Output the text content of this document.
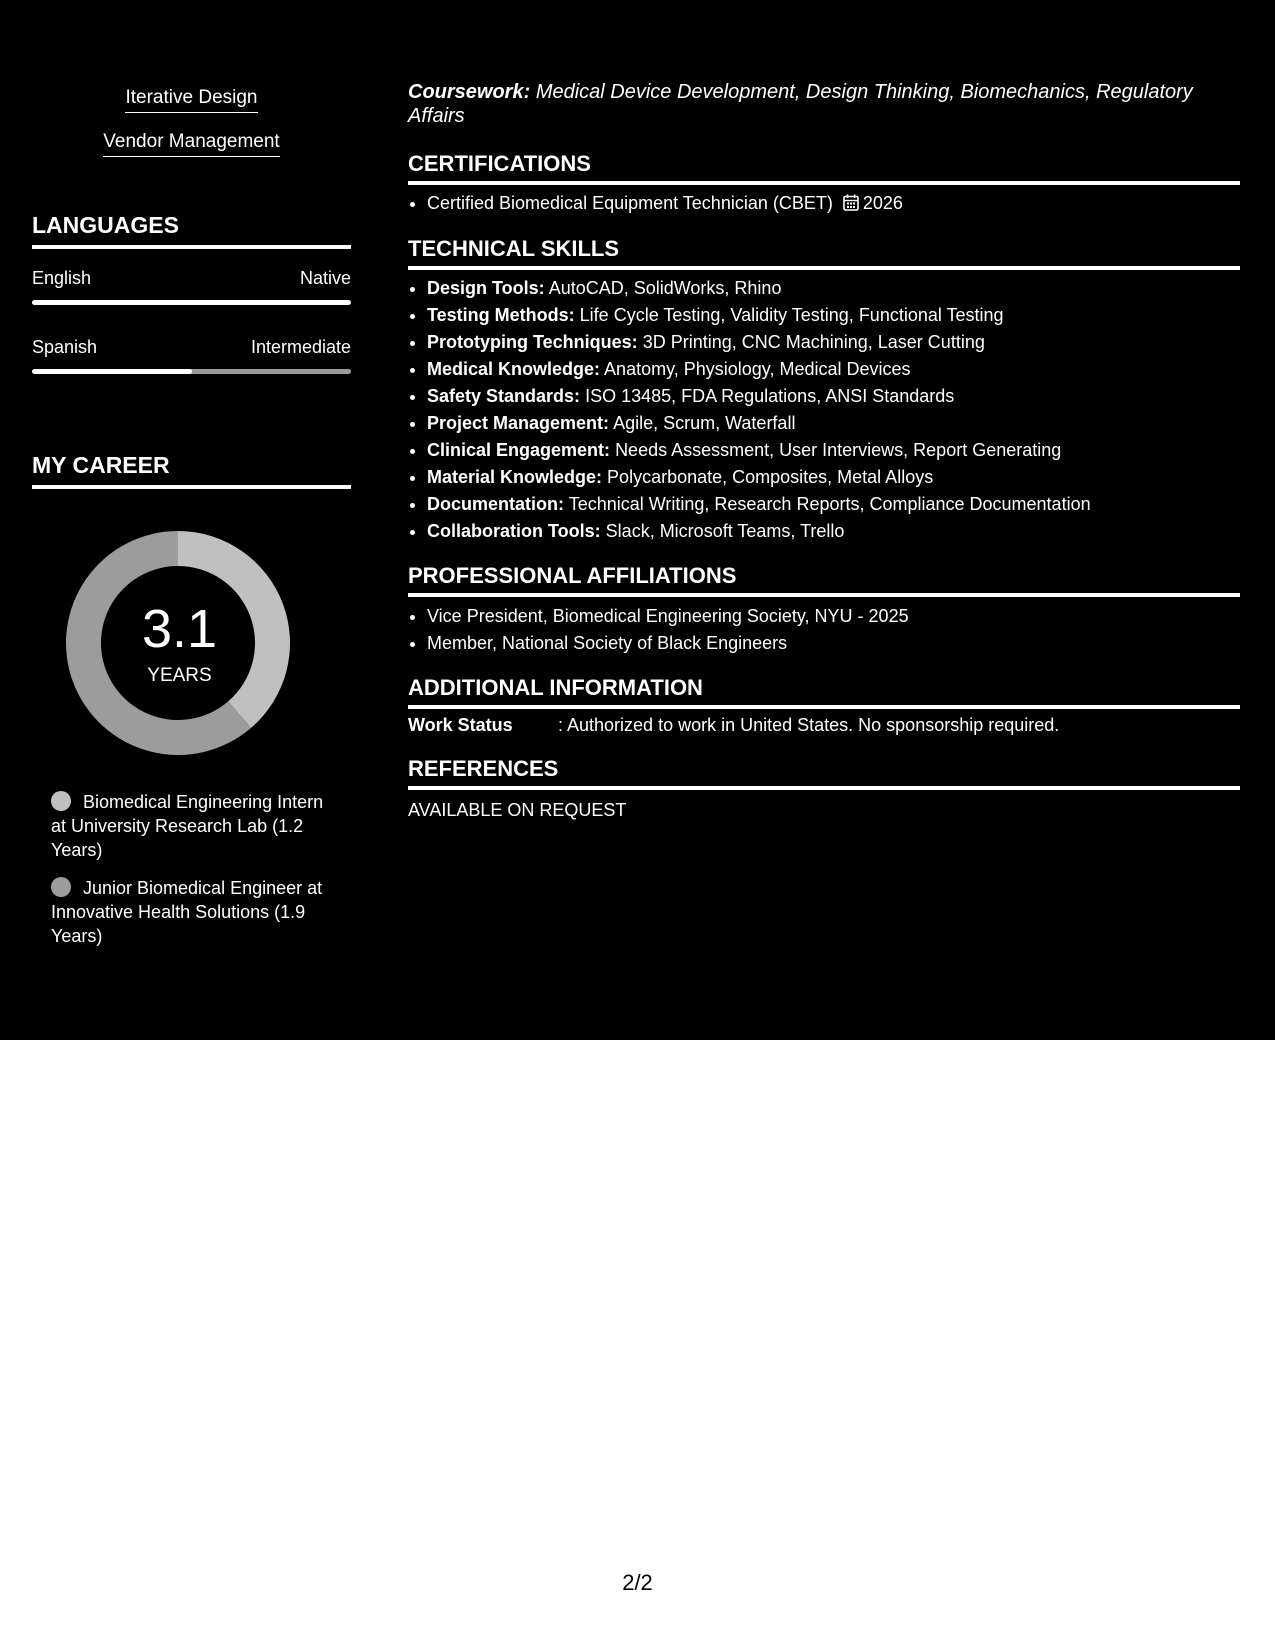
Iterative Design
Vendor Management
LANGUAGES
English	Native
Spanish	Intermediate
MY CAREER
3.1
YEARS
Biomedical Engineering Intern at University Research Lab (1.2 Years)
Junior Biomedical Engineer at Innovative Health Solutions (1.9 Years)
Coursework: Medical Device Development, Design Thinking, Biomechanics, Regulatory Affairs
CERTIFICATIONS
• Certified Biomedical Equipment Technician (CBET) 2026
TECHNICAL SKILLS
• Design Tools: AutoCAD, SolidWorks, Rhino
• Testing Methods: Life Cycle Testing, Validity Testing, Functional Testing
• Prototyping Techniques: 3D Printing, CNC Machining, Laser Cutting
• Medical Knowledge: Anatomy, Physiology, Medical Devices
• Safety Standards: ISO 13485, FDA Regulations, ANSI Standards
• Project Management: Agile, Scrum, Waterfall
• Clinical Engagement: Needs Assessment, User Interviews, Report Generating
• Material Knowledge: Polycarbonate, Composites, Metal Alloys
• Documentation: Technical Writing, Research Reports, Compliance Documentation
• Collaboration Tools: Slack, Microsoft Teams, Trello
PROFESSIONAL AFFILIATIONS
• Vice President, Biomedical Engineering Society, NYU - 2025
• Member, National Society of Black Engineers
ADDITIONAL INFORMATION
Work Status	: Authorized to work in United States. No sponsorship required.
REFERENCES
AVAILABLE ON REQUEST
2/2
